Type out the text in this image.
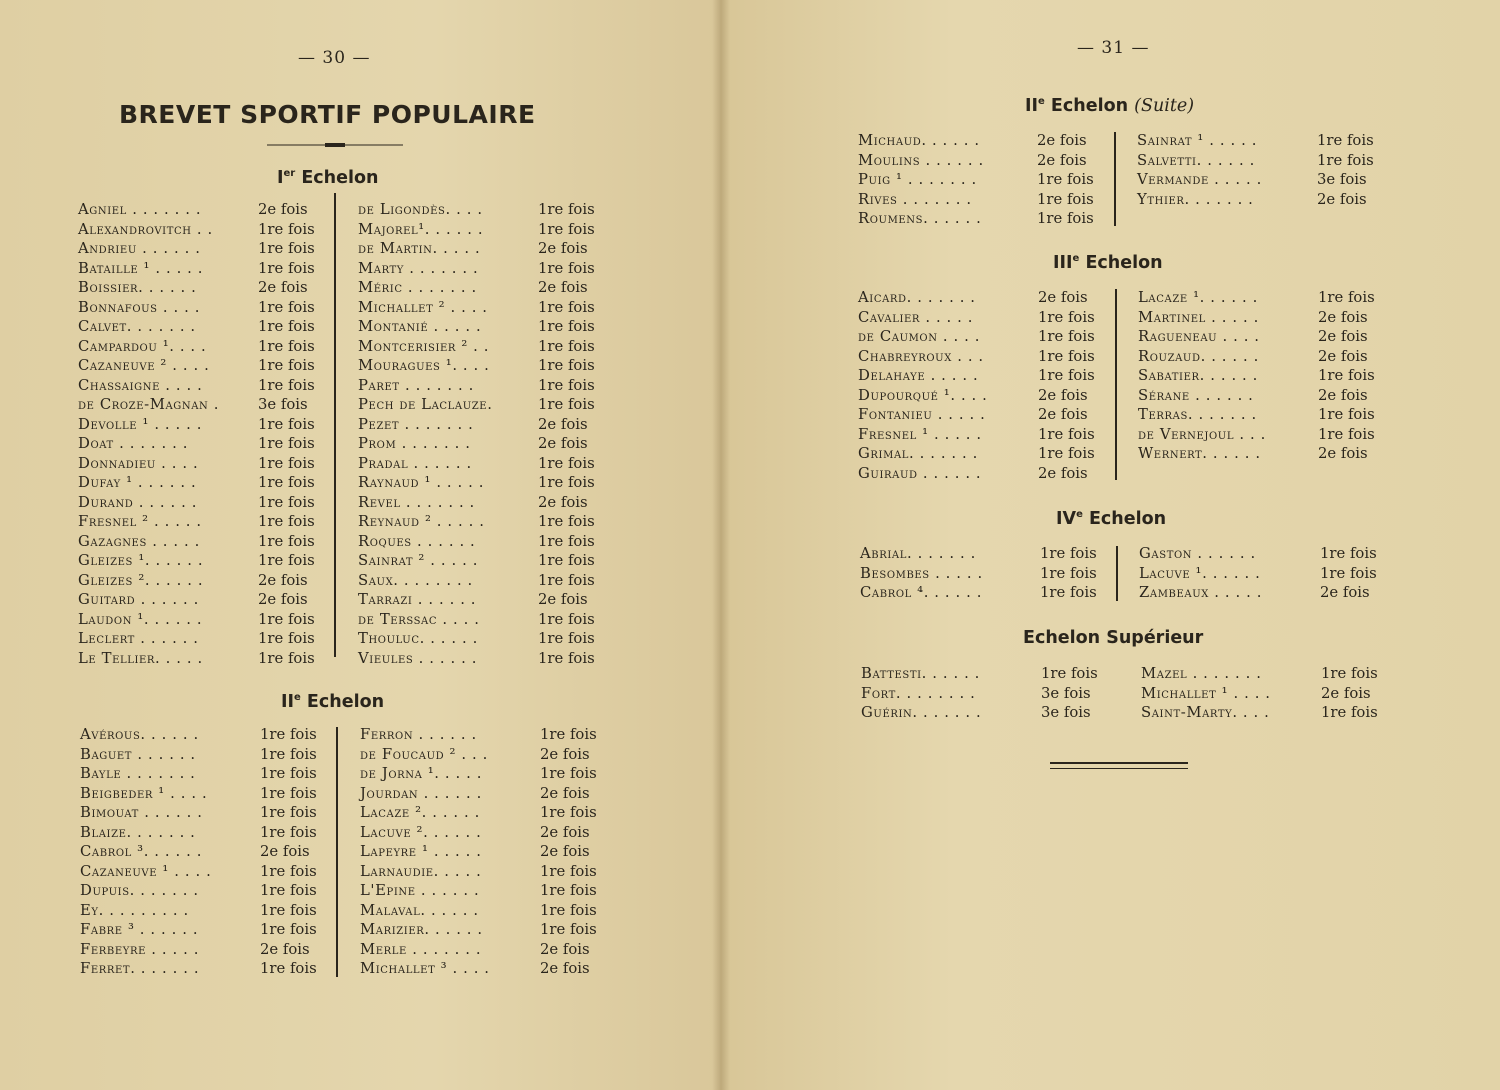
— 30 —
BREVET SPORTIF POPULAIRE
— 31 —
Ier Echelon
Agniel . . . . . . .	2e fois
Alexandrovitch . .	1re fois
Andrieu . . . . . .	1re fois
Bataille ¹ . . . . .	1re fois
Boissier. . . . . .	2e fois
Bonnafous . . . .	1re fois
Calvet. . . . . . .	1re fois
Campardou ¹. . . .	1re fois
Cazaneuve ² . . . .	1re fois
Chassaigne . . . .	1re fois
de Croze-Magnan .	3e fois
Devolle ¹ . . . . .	1re fois
Doat . . . . . . .	1re fois
Donnadieu . . . .	1re fois
Dufay ¹ . . . . . .	1re fois
Durand . . . . . .	1re fois
Fresnel ² . . . . .	1re fois
Gazagnes . . . . .	1re fois
Gleizes ¹. . . . . .	1re fois
Gleizes ². . . . . .	2e fois
Guitard . . . . . .	2e fois
Laudon ¹. . . . . .	1re fois
Leclert . . . . . .	1re fois
Le Tellier. . . . .	1re fois
de Ligondès. . . .	1re fois
Majorel¹. . . . . .	1re fois
de Martin. . . . .	2e fois
Marty . . . . . . .	1re fois
Méric . . . . . . .	2e fois
Michallet ² . . . .	1re fois
Montanié . . . . .	1re fois
Montcerisier ² . .	1re fois
Mouragues ¹. . . .	1re fois
Paret . . . . . . .	1re fois
Pech de Laclauze.	1re fois
Pezet . . . . . . .	2e fois
Prom . . . . . . .	2e fois
Pradal . . . . . .	1re fois
Raynaud ¹ . . . . .	1re fois
Revel . . . . . . .	2e fois
Reynaud ² . . . . .	1re fois
Roques . . . . . .	1re fois
Sainrat ² . . . . .	1re fois
Saux. . . . . . . .	1re fois
Tarrazi . . . . . .	2e fois
de Terssac . . . .	1re fois
Thouluc. . . . . .	1re fois
Vieules . . . . . .	1re fois
IIe Echelon
Avérous. . . . . .	1re fois
Baguet . . . . . .	1re fois
Bayle . . . . . . .	1re fois
Beigbeder ¹ . . . .	1re fois
Bimouat . . . . . .	1re fois
Blaize. . . . . . .	1re fois
Cabrol ³. . . . . .	2e fois
Cazaneuve ¹ . . . .	1re fois
Dupuis. . . . . . .	1re fois
Ey. . . . . . . . .	1re fois
Fabre ³ . . . . . .	1re fois
Ferbeyre . . . . .	2e fois
Ferret. . . . . . .	1re fois
Ferron . . . . . .	1re fois
de Foucaud ² . . .	2e fois
de Jorna ¹. . . . .	1re fois
Jourdan . . . . . .	2e fois
Lacaze ². . . . . .	1re fois
Lacuve ². . . . . .	2e fois
Lapeyre ¹ . . . . .	2e fois
Larnaudie. . . . .	1re fois
L'Epine . . . . . .	1re fois
Malaval. . . . . .	1re fois
Marizier. . . . . .	1re fois
Merle . . . . . . .	2e fois
Michallet ³ . . . .	2e fois
IIe Echelon (Suite)
Michaud. . . . . .	2e fois
Moulins . . . . . .	2e fois
Puig ¹ . . . . . . .	1re fois
Rives . . . . . . .	1re fois
Roumens. . . . . .	1re fois
Sainrat ¹ . . . . .	1re fois
Salvetti. . . . . .	1re fois
Vermande . . . . .	3e fois
Ythier. . . . . . .	2e fois
IIIe Echelon
Aicard. . . . . . .	2e fois
Cavalier . . . . .	1re fois
de Caumon . . . .	1re fois
Chabreyroux . . .	1re fois
Delahaye . . . . .	1re fois
Dupourqué ¹. . . .	2e fois
Fontanieu . . . . .	2e fois
Fresnel ¹ . . . . .	1re fois
Grimal. . . . . . .	1re fois
Guiraud . . . . . .	2e fois
Lacaze ¹. . . . . .	1re fois
Martinel . . . . .	2e fois
Ragueneau . . . .	2e fois
Rouzaud. . . . . .	2e fois
Sabatier. . . . . .	1re fois
Sérane . . . . . .	2e fois
Terras. . . . . . .	1re fois
de Vernejoul . . .	1re fois
Wernert. . . . . .	2e fois
IVe Echelon
Abrial. . . . . . .	1re fois
Besombes . . . . .	1re fois
Cabrol ⁴. . . . . .	1re fois
Gaston . . . . . .	1re fois
Lacuve ¹. . . . . .	1re fois
Zambeaux . . . . .	2e fois
Echelon Supérieur
Battesti. . . . . .	1re fois
Fort. . . . . . . .	3e fois
Guérin. . . . . . .	3e fois
Mazel . . . . . . .	1re fois
Michallet ¹ . . . .	2e fois
Saint-Marty. . . .	1re fois
